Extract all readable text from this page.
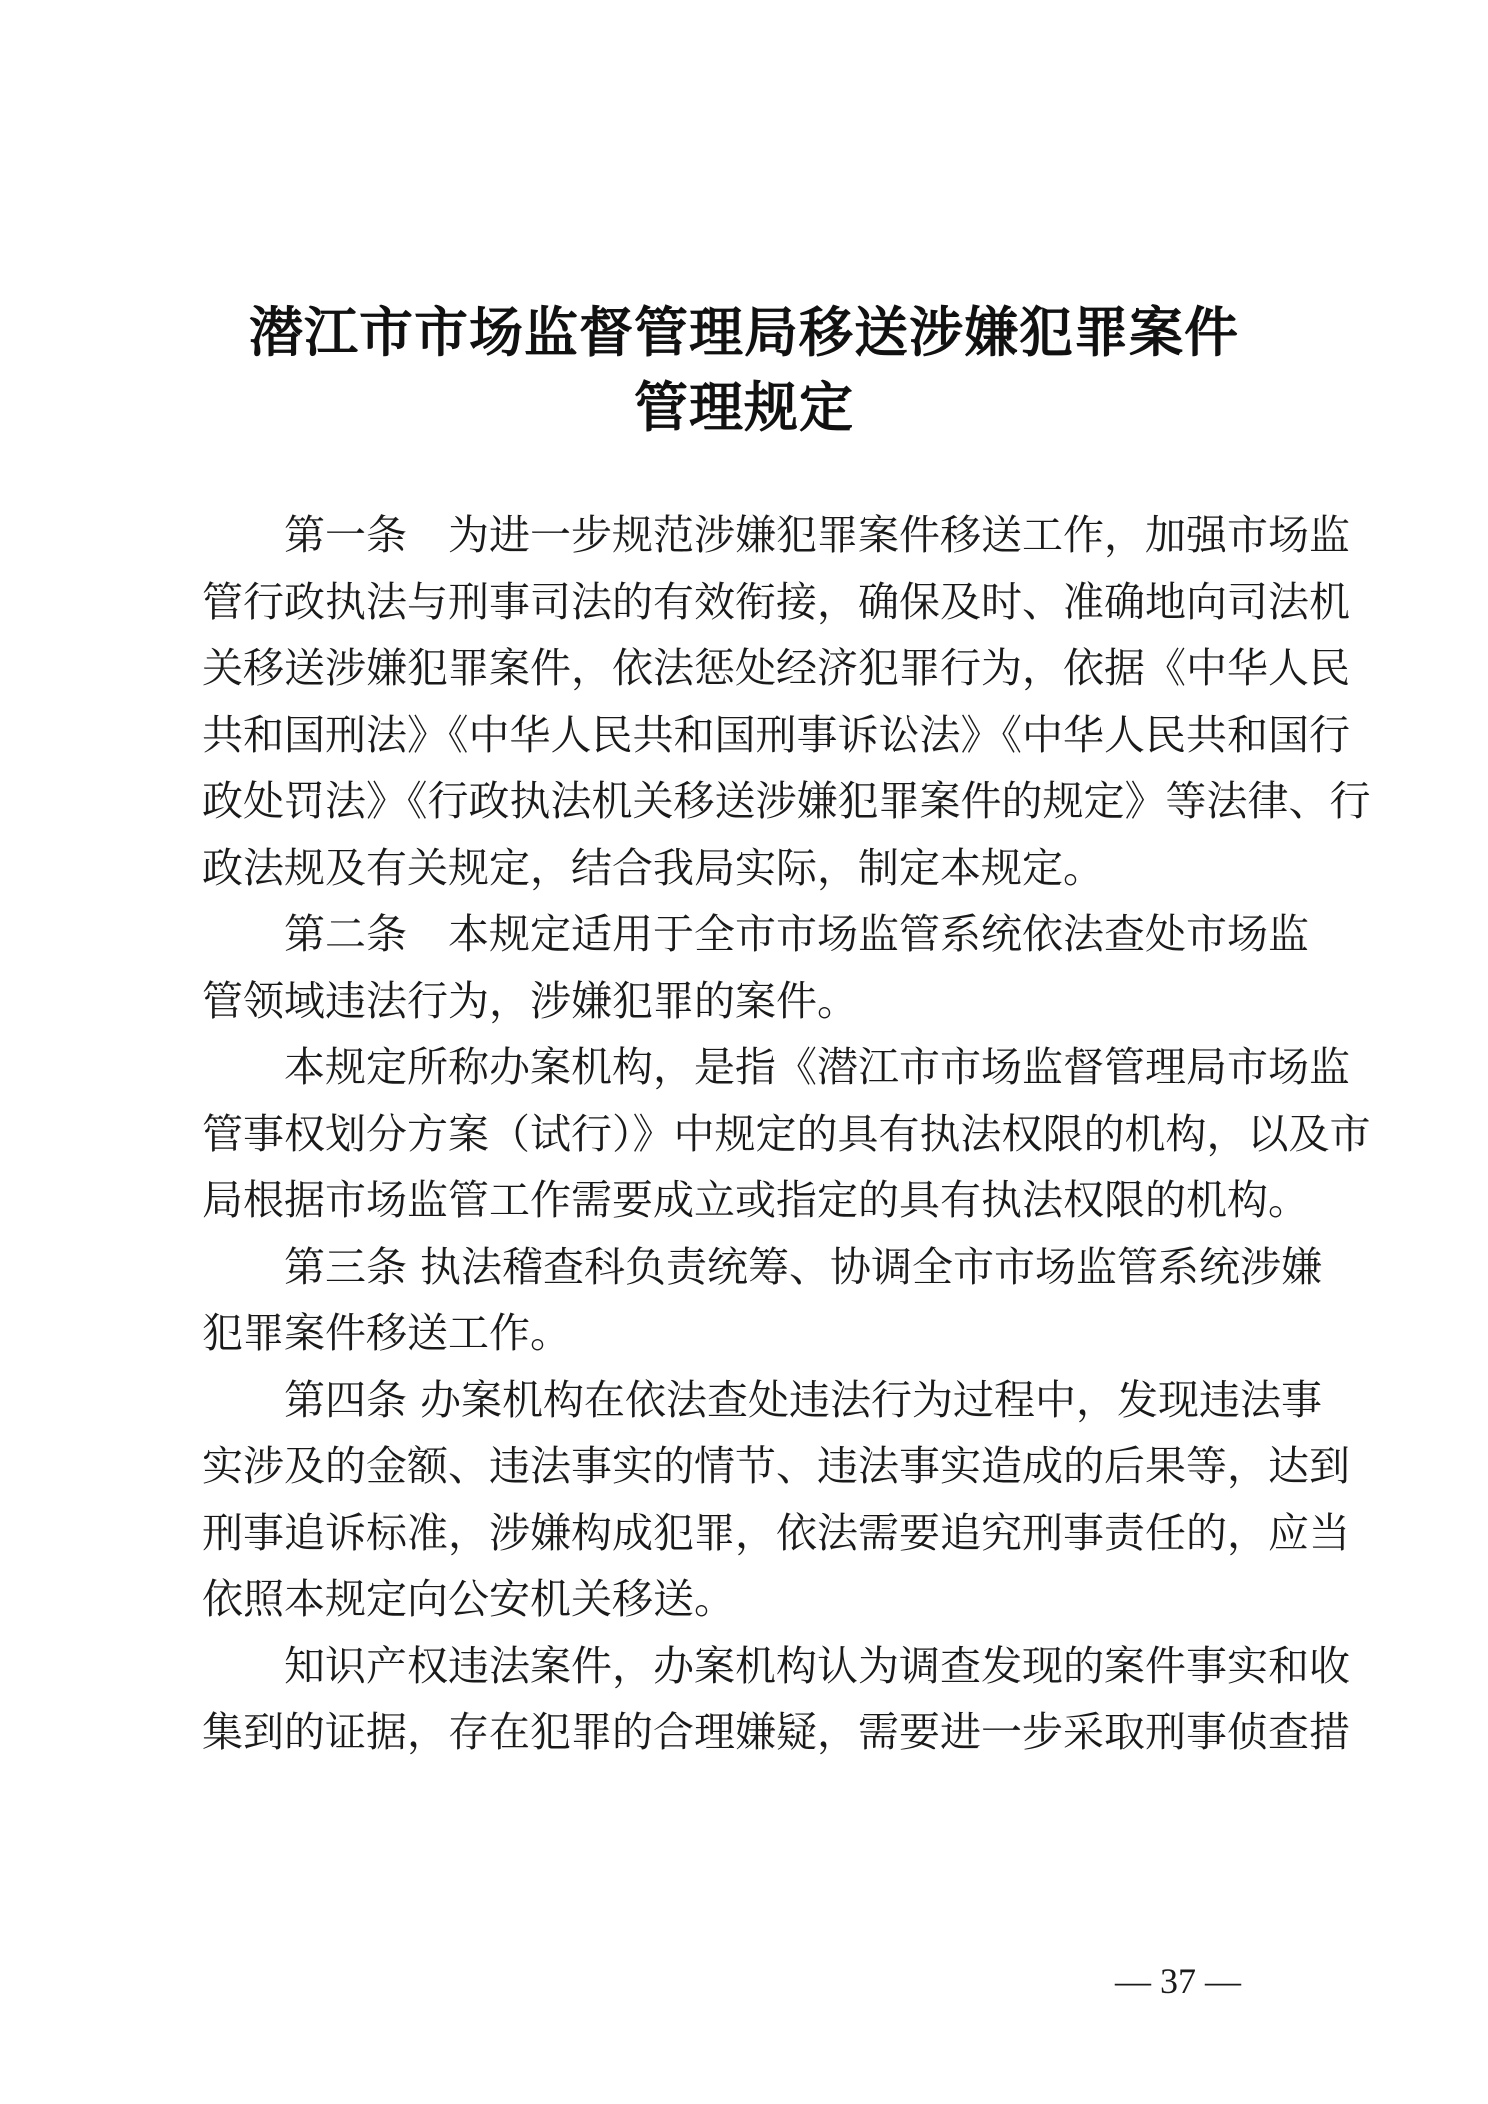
潜江市市场监督管理局移送涉嫌犯罪案件
管理规定
第一条　为进一步规范涉嫌犯罪案件移送工作，加强市场监
管行政执法与刑事司法的有效衔接，确保及时、准确地向司法机
关移送涉嫌犯罪案件，依法惩处经济犯罪行为，依据《中华人民
共和国刑法》《中华人民共和国刑事诉讼法》《中华人民共和国行
政处罚法》《行政执法机关移送涉嫌犯罪案件的规定》等法律、行
政法规及有关规定，结合我局实际，制定本规定。
第二条　本规定适用于全市市场监管系统依法查处市场监
管领域违法行为，涉嫌犯罪的案件。
本规定所称办案机构，是指《潜江市市场监督管理局市场监
管事权划分方案（试行）》中规定的具有执法权限的机构，以及市
局根据市场监管工作需要成立或指定的具有执法权限的机构。
第三条 执法稽查科负责统筹、协调全市市场监管系统涉嫌
犯罪案件移送工作。
第四条 办案机构在依法查处违法行为过程中，发现违法事
实涉及的金额、违法事实的情节、违法事实造成的后果等，达到
刑事追诉标准，涉嫌构成犯罪，依法需要追究刑事责任的，应当
依照本规定向公安机关移送。
知识产权违法案件，办案机构认为调查发现的案件事实和收
集到的证据，存在犯罪的合理嫌疑，需要进一步采取刑事侦查措
— 37 —
